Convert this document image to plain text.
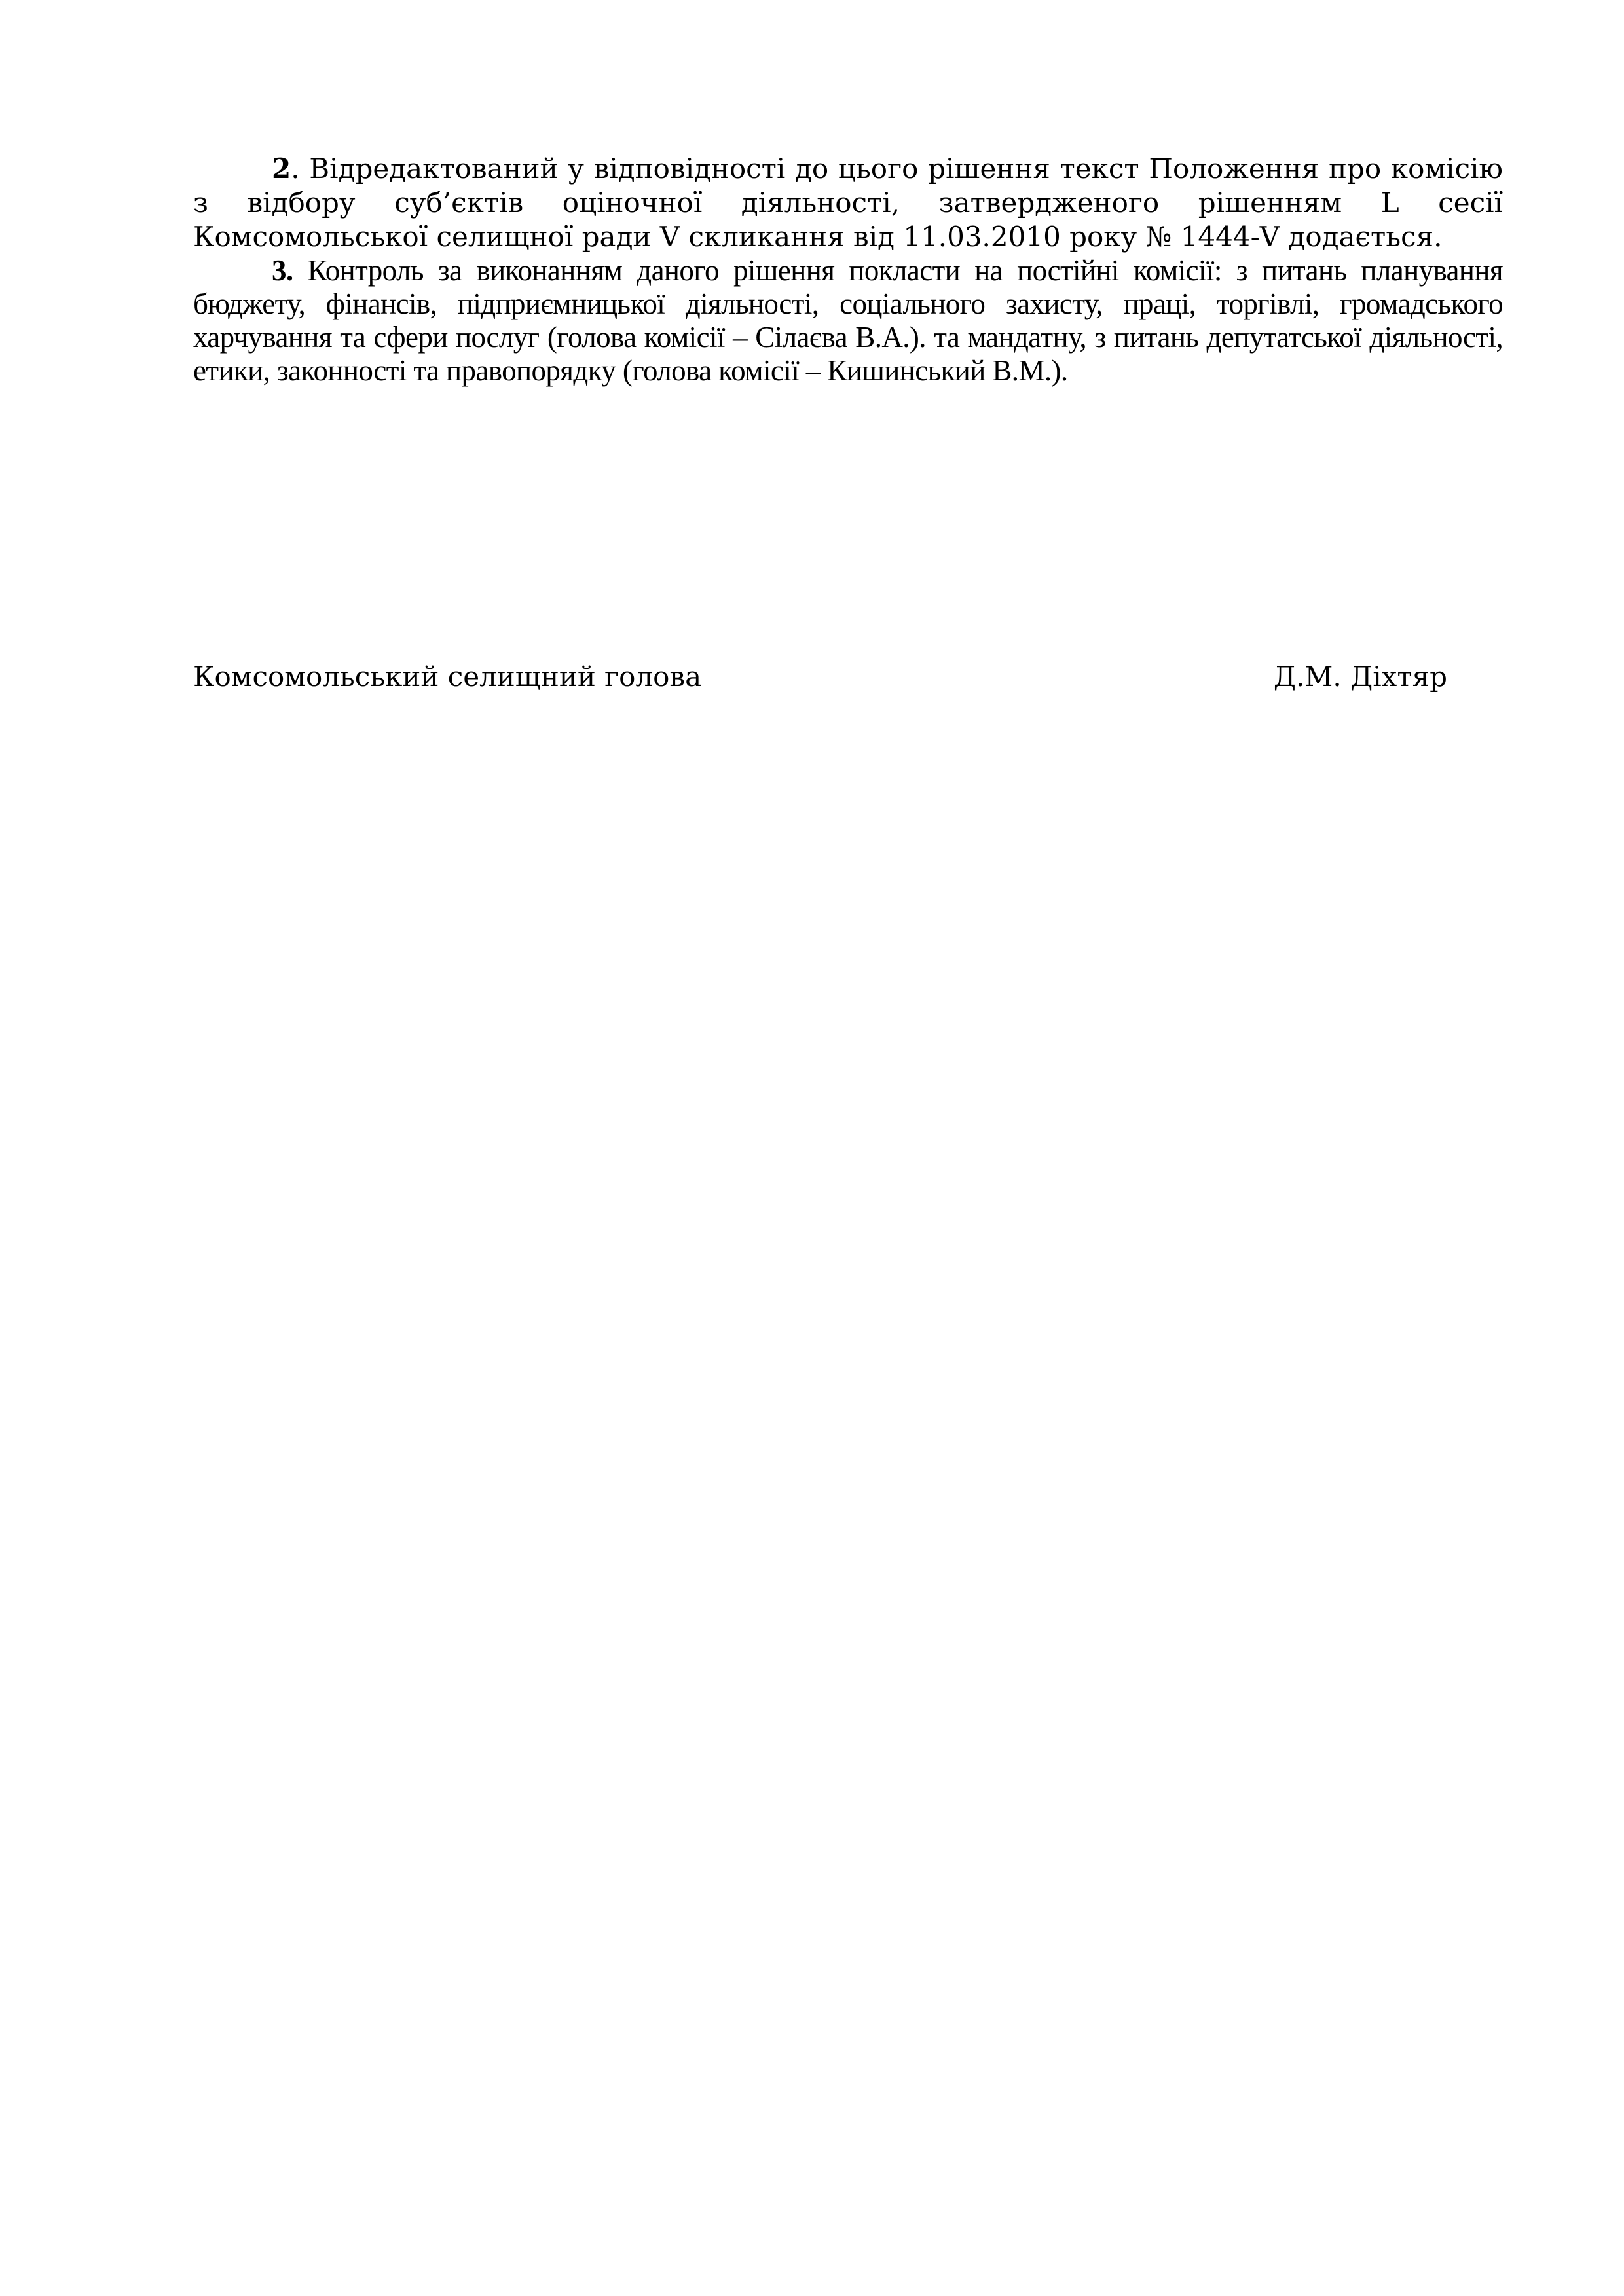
2. Відредактований у відповідності до цього рішення текст Положення про комісію з відбору суб’єктів оціночної діяльності, затвердженого рішенням L сесії Комсомольської селищної ради V скликання від 11.03.2010 року № 1444-V додається.

3. Контроль за виконанням даного рішення покласти на постійні комісії: з питань планування бюджету, фінансів, підприємницької діяльності, соціального захисту, праці, торгівлі, громадського харчування та сфери послуг (голова комісії – Сілаєва В.А.). та мандатну, з питань депутатської діяльності, етики, законності та правопорядку (голова комісії – Кишинський В.М.).

Комсомольський селищний голова	Д.М. Діхтяр
